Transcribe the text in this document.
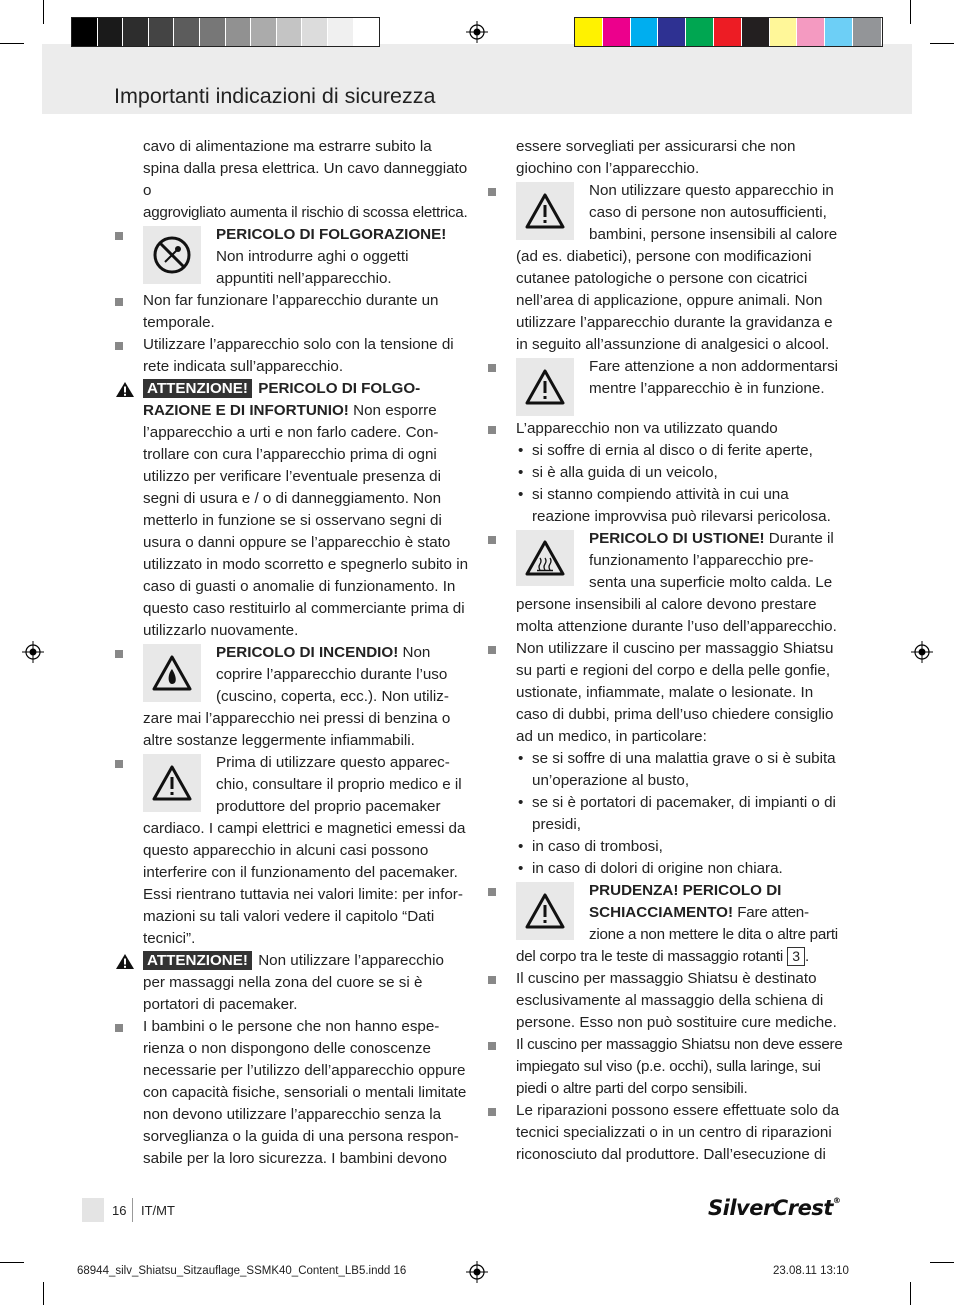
Importanti indicazioni di sicurezza
cavo di alimentazione ma estrarre subito la spina dalla presa elettrica. Un cavo danneggiato o aggrovigliato aumenta il rischio di scossa elettrica.
PERICOLO DI FOLGORAZIONE! Non introdurre aghi o oggetti appuntiti nell’apparecchio.
Non far funzionare l’apparecchio durante un temporale.
Utilizzare l’apparecchio solo con la tensione di rete indicata sull’apparecchio.
ATTENZIONE! PERICOLO DI FOLGO-RAZIONE E DI INFORTUNIO! Non esporre l’apparecchio a urti e non farlo cadere. Con-trollare con cura l’apparecchio prima di ogni utilizzo per verificare l’eventuale presenza di segni di usura e / o di danneggiamento. Non metterlo in funzione se si osservano segni di usura o danni oppure se l’apparecchio è stato utilizzato in modo scorretto e spegnerlo subito in caso di guasti o anomalie di funzionamento. In questo caso restituirlo al commerciante prima di utilizzarlo nuovamente.
PERICOLO DI INCENDIO! Non coprire l’apparecchio durante l’uso (cuscino, coperta, ecc.). Non utiliz-zare mai l’apparecchio nei pressi di benzina o altre sostanze leggermente infiammabili.
Prima di utilizzare questo apparec-chio, consultare il proprio medico e il produttore del proprio pacemaker cardiaco. I campi elettrici e magnetici emessi da questo apparecchio in alcuni casi possono interferire con il funzionamento del pacemaker. Essi rientrano tuttavia nei valori limite: per infor-mazioni su tali valori vedere il capitolo “Dati tecnici”.
ATTENZIONE! Non utilizzare l’apparecchio per massaggi nella zona del cuore se si è portatori di pacemaker.
I bambini o le persone che non hanno espe-rienza o non dispongono delle conoscenze necessarie per l’utilizzo dell’apparecchio oppure con capacità fisiche, sensoriali o mentali limitate non devono utilizzare l’apparecchio senza la sorveglianza o la guida di una persona respon-sabile per la loro sicurezza. I bambini devono
essere sorvegliati per assicurarsi che non giochino con l’apparecchio.
Non utilizzare questo apparecchio in caso di persone non autosufficienti, bambini, persone insensibili al calore (ad es. diabetici), persone con modificazioni cutanee patologiche o persone con cicatrici nell’area di applicazione, oppure animali. Non utilizzare l’apparecchio durante la gravidanza e in seguito all’assunzione di analgesici o alcool.
Fare attenzione a non addormentarsi mentre l’apparecchio è in funzione.
L’apparecchio non va utilizzato quando
• si soffre di ernia al disco o di ferite aperte,
• si è alla guida di un veicolo,
• si stanno compiendo attività in cui una reazione improvvisa può rilevarsi pericolosa.
PERICOLO DI USTIONE! Durante il funzionamento l’apparecchio pre-senta una superficie molto calda. Le persone insensibili al calore devono prestare molta attenzione durante l’uso dell’apparecchio.
Non utilizzare il cuscino per massaggio Shiatsu su parti e regioni del corpo e della pelle gonfie, ustionate, infiammate, malate o lesionate. In caso di dubbi, prima dell’uso chiedere consiglio ad un medico, in particolare:
• se si soffre di una malattia grave o si è subita un’operazione al busto,
• se si è portatori di pacemaker, di impianti o di presidi,
• in caso di trombosi,
• in caso di dolori di origine non chiara.
PRUDENZA! PERICOLO DI SCHIACCIAMENTO! Fare atten-zione a non mettere le dita o altre parti del corpo tra le teste di massaggio rotanti 3 .
Il cuscino per massaggio Shiatsu è destinato esclusivamente al massaggio della schiena di persone. Esso non può sostituire cure mediche.
Il cuscino per massaggio Shiatsu non deve essere impiegato sul viso (p.e. occhi), sulla laringe, sui piedi o altre parti del corpo sensibili.
Le riparazioni possono essere effettuate solo da tecnici specializzati o in un centro di riparazioni riconosciuto dal produttore. Dall’esecuzione di
16 IT/MT	SilverCrest®
68944_silv_Shiatsu_Sitzauflage_SSMK40_Content_LB5.indd 16	23.08.11 13:10
